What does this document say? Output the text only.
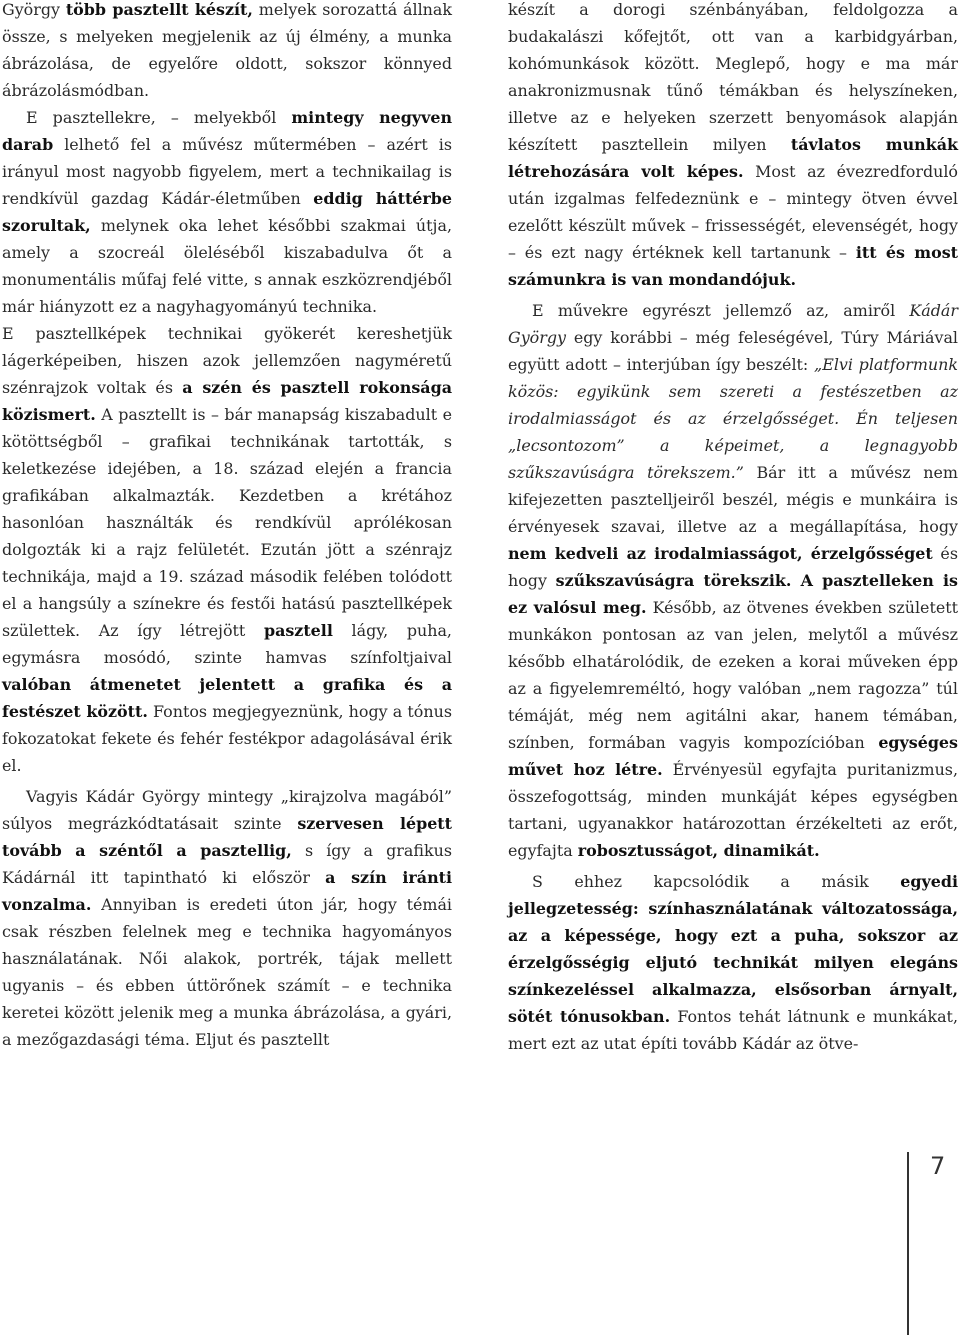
György több pasztellt készít, melyek sorozattá állnak össze, s melyeken megjelenik az új élmény, a munka ábrázolása, de egyelőre oldott, sokszor könnyed ábrázolásmódban.

E pasztellekre, – melyekből mintegy negyven darab lelhető fel a művész műtermében – azért is irányul most nagyobb figyelem, mert a technikailag is rendkívül gazdag Kádár-életműben eddig háttérbe szorultak, melynek oka lehet későbbi szakmai útja, amely a szocreál öleléséből kiszabadulva őt a monumentális műfaj felé vitte, s annak eszközrendjéből már hiányzott ez a nagyhagyományú technika.

E pasztellképek technikai gyökerét kereshetjük lágerképeiben, hiszen azok jellemzően nagyméretű szénrajzok voltak és a szén és pasztell rokonsága közismert. A pasztellt is – bár manapság kiszabadult e kötöttségből – grafikai technikának tartották, s keletkezése idejében, a 18. század elején a francia grafikában alkalmazták. Kezdetben a krétához hasonlóan használták és rendkívül aprólékosan dolgozták ki a rajz felületét. Ezután jött a szénrajz technikája, majd a 19. század második felében tolódott el a hangsúly a színekre és festői hatású pasztellképek születtek. Az így létrejött pasztell lágy, puha, egymásra mosódó, szinte hamvas színfoltjaival valóban átmenetet jelentett a grafika és a festészet között. Fontos megjegyeznünk, hogy a tónus fokozatokat fekete és fehér festékpor adagolásával érik el.

Vagyis Kádár György mintegy „kirajzolva magából” súlyos megrázkódtatásait szinte szervesen lépett tovább a széntől a pasztellig, s így a grafikus Kádárnál itt tapintható ki először a szín iránti vonzalma. Annyiban is eredeti úton jár, hogy témái csak részben felelnek meg e technika hagyományos használatának. Női alakok, portrék, tájak mellett ugyanis – és ebben úttörőnek számít – e technika keretei között jelenik meg a munka ábrázolása, a gyári, a mezőgazdasági téma. Eljut és pasztellt

készít a dorogi szénbányában, feldolgozza a budakalászi kőfejtőt, ott van a karbidgyárban, kohómunkások között. Meglepő, hogy e ma már anakronizmusnak tűnő témákban és helyszíneken, illetve az e helyeken szerzett benyomások alapján készített pasztellein milyen távlatos munkák létrehozására volt képes. Most az évezredforduló után izgalmas felfedeznünk e – mintegy ötven évvel ezelőtt készült művek – frissességét, elevenségét, hogy – és ezt nagy értéknek kell tartanunk – itt és most számunkra is van mondandójuk.

E művekre egyrészt jellemző az, amiről Kádár György egy korábbi – még feleségével, Túry Máriával együtt adott – interjúban így beszélt: „Elvi platformunk közös: egyikünk sem szereti a festészetben az irodalmiasságot és az érzelgősséget. Én teljesen „lecsontozom” a képeimet, a legnagyobb szűkszavúságra törekszem.” Bár itt a művész nem kifejezetten pasztelljeiről beszél, mégis e munkáira is érvényesek szavai, illetve az a megállapítása, hogy nem kedveli az irodalmiasságot, érzelgősséget és hogy szűkszavúságra törekszik. A pasztelleken is ez valósul meg. Később, az ötvenes években született munkákon pontosan az van jelen, melytől a művész később elhatárolódik, de ezeken a korai műveken épp az a figyelemreméltó, hogy valóban „nem ragozza” túl témáját, még nem agitálni akar, hanem témában, színben, formában vagyis kompozícióban egységes művet hoz létre. Érvényesül egyfajta puritanizmus, összefogottság, minden munkáját képes egységben tartani, ugyanakkor határozottan érzékelteti az erőt, egyfajta robosztusságot, dinamikát.

S ehhez kapcsolódik a másik egyedi jellegzetesség: színhasználatának változatossága, az a képessége, hogy ezt a puha, sokszor az érzelgősségig eljutó technikát milyen elegáns színkezeléssel alkalmazza, elsősorban árnyalt, sötét tónusokban. Fontos tehát látnunk e munkákat, mert ezt az utat építi tovább Kádár az ötve-

7
